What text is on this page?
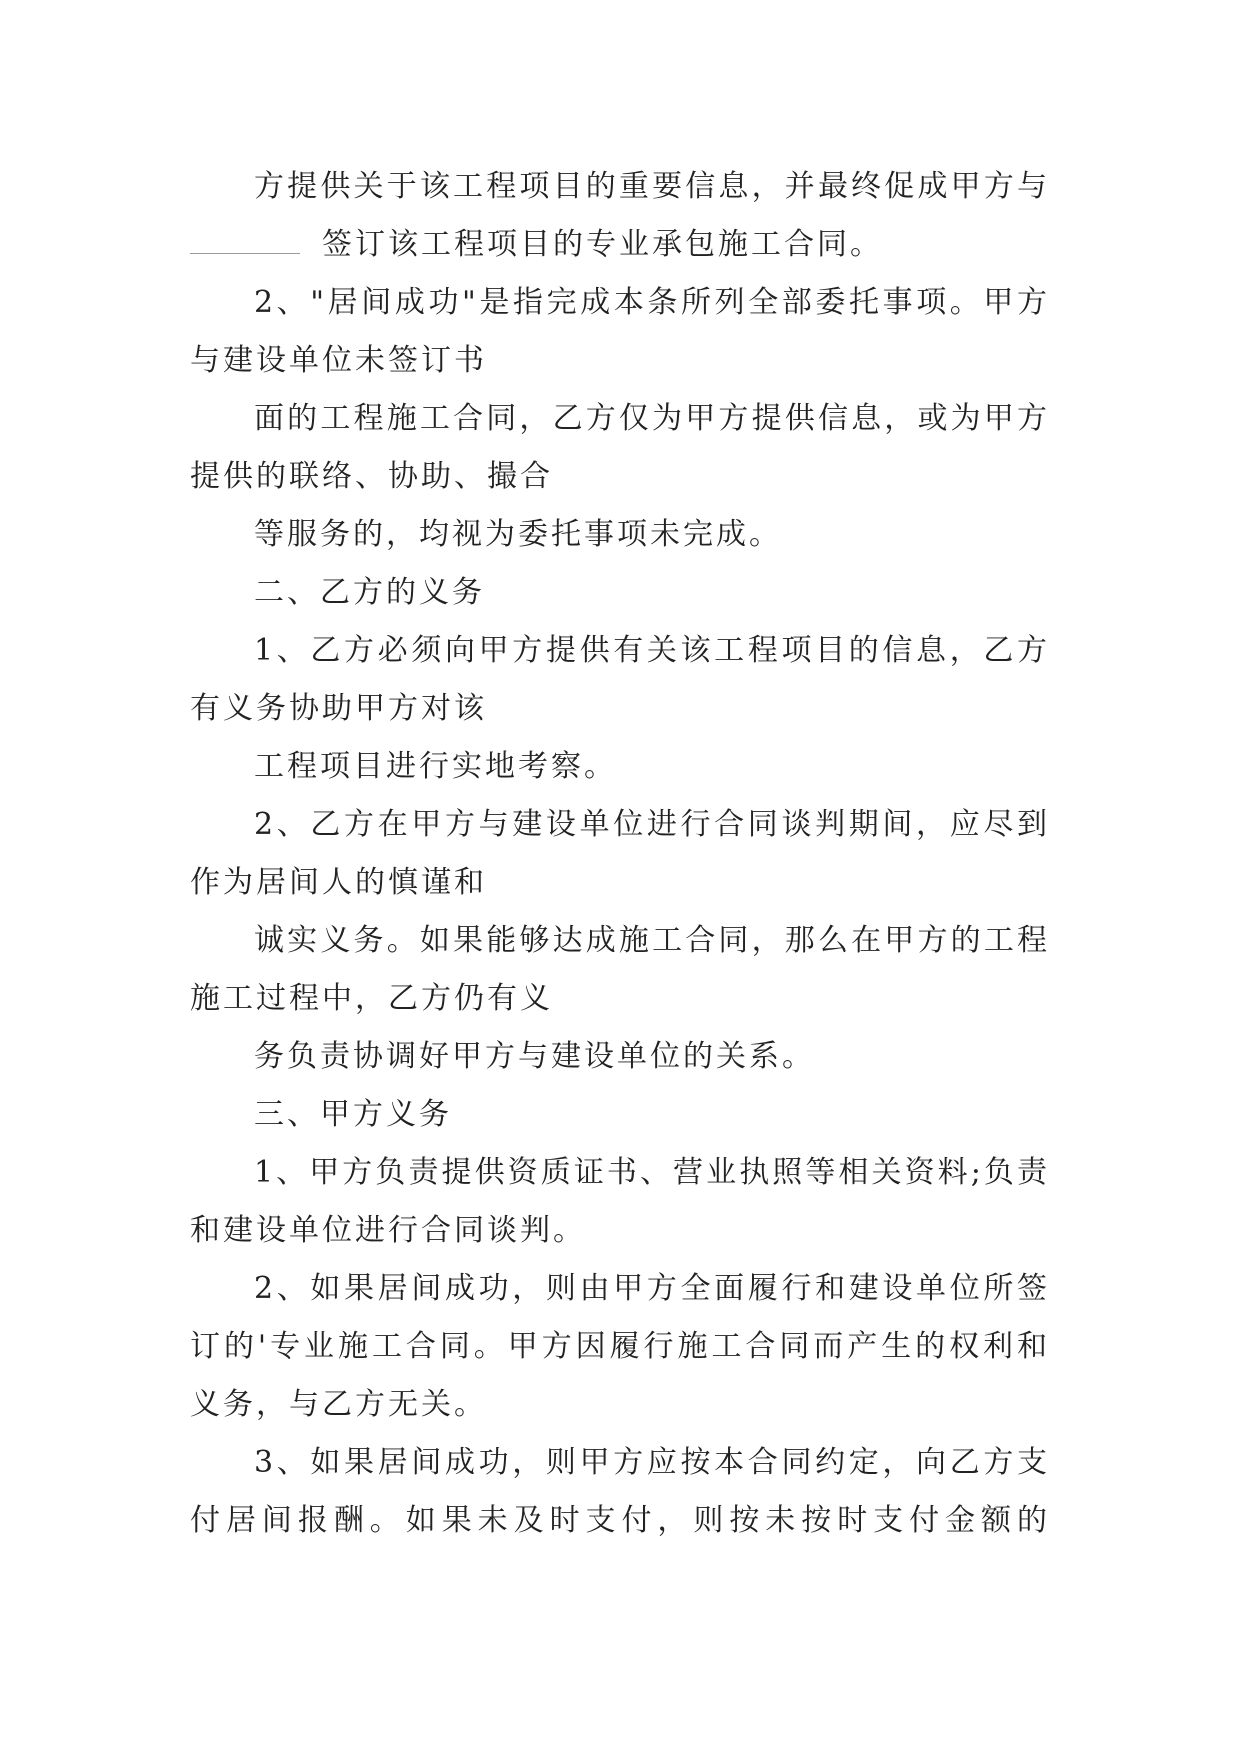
方提供关于该工程项目的重要信息，并最终促成甲方与
签订该工程项目的专业承包施工合同。
2、"居间成功"是指完成本条所列全部委托事项。甲方
与建设单位未签订书
面的工程施工合同，乙方仅为甲方提供信息，或为甲方
提供的联络、协助、撮合
等服务的，均视为委托事项未完成。
二、乙方的义务
1、乙方必须向甲方提供有关该工程项目的信息，乙方
有义务协助甲方对该
工程项目进行实地考察。
2、乙方在甲方与建设单位进行合同谈判期间，应尽到
作为居间人的慎谨和
诚实义务。如果能够达成施工合同，那么在甲方的工程
施工过程中，乙方仍有义
务负责协调好甲方与建设单位的关系。
三、甲方义务
1、甲方负责提供资质证书、营业执照等相关资料;负责
和建设单位进行合同谈判。
2、如果居间成功，则由甲方全面履行和建设单位所签
订的'专业施工合同。甲方因履行施工合同而产生的权利和
义务，与乙方无关。
3、如果居间成功，则甲方应按本合同约定，向乙方支
付居间报酬。如果未及时支付，则按未按时支付金额的
